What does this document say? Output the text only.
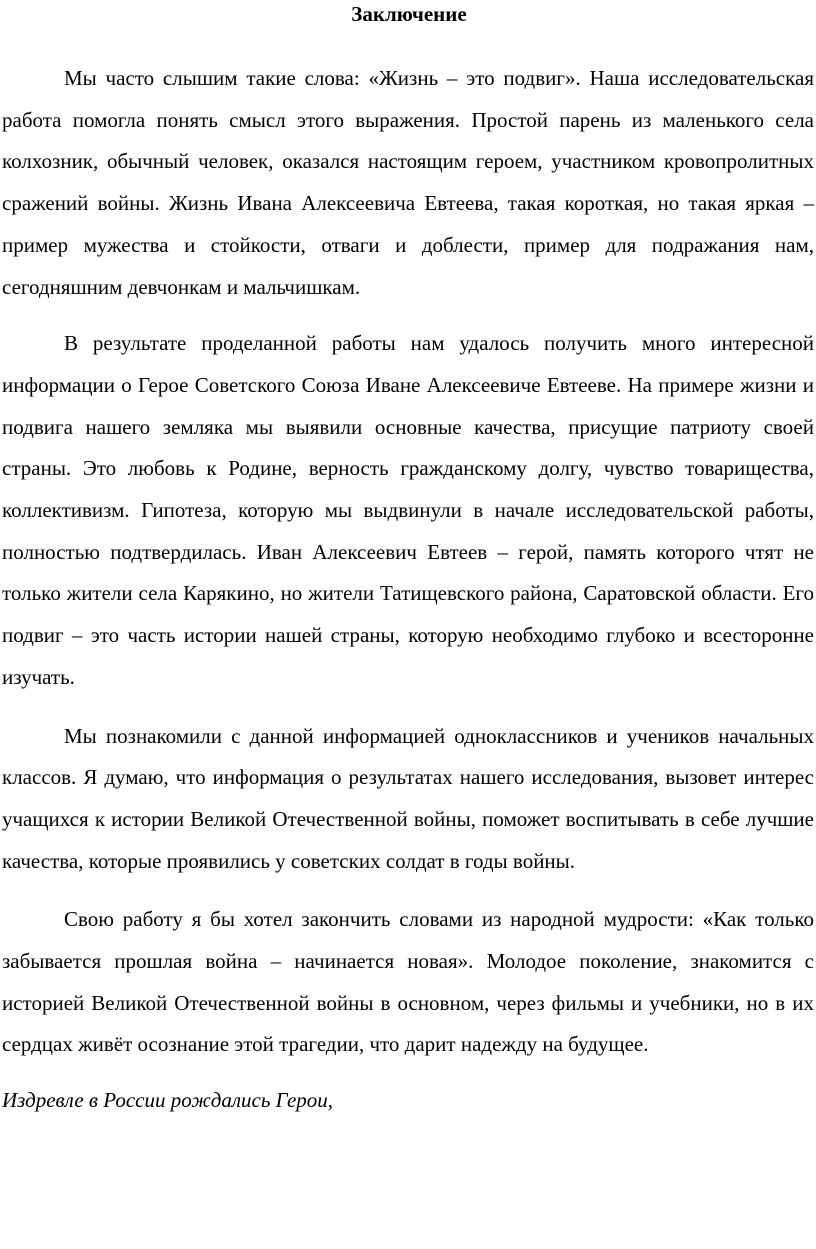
Заключение

Мы часто слышим такие слова: «Жизнь – это подвиг». Наша исследовательская работа помогла понять смысл этого выражения. Простой парень из маленького села колхозник, обычный человек, оказался настоящим героем, участником кровопролитных сражений войны. Жизнь Ивана Алексеевича Евтеева, такая короткая, но такая яркая – пример мужества и стойкости, отваги и доблести, пример для подражания нам, сегодняшним девчонкам и мальчишкам.

В результате проделанной работы нам удалось получить много интересной информации о Герое Советского Союза Иване Алексеевиче Евтееве. На примере жизни и подвига нашего земляка мы выявили основные качества, присущие патриоту своей страны. Это любовь к Родине, верность гражданскому долгу, чувство товарищества, коллективизм. Гипотеза, которую мы выдвинули в начале исследовательской работы, полностью подтвердилась. Иван Алексеевич Евтеев – герой, память которого чтят не только жители села Карякино, но жители Татищевского района, Саратовской области. Его подвиг – это часть истории нашей страны, которую необходимо глубоко и всесторонне изучать.

Мы познакомили с данной информацией одноклассников и учеников начальных классов. Я думаю, что информация о результатах нашего исследования, вызовет интерес учащихся к истории Великой Отечественной войны, поможет воспитывать в себе лучшие качества, которые проявились у советских солдат в годы войны.

Свою работу я бы хотел закончить словами из народной мудрости: «Как только забывается прошлая война – начинается новая». Молодое поколение, знакомится с историей Великой Отечественной войны в основном, через фильмы и учебники, но в их сердцах живёт осознание этой трагедии, что дарит надежду на будущее.

Издревле в России рождались Герои,
